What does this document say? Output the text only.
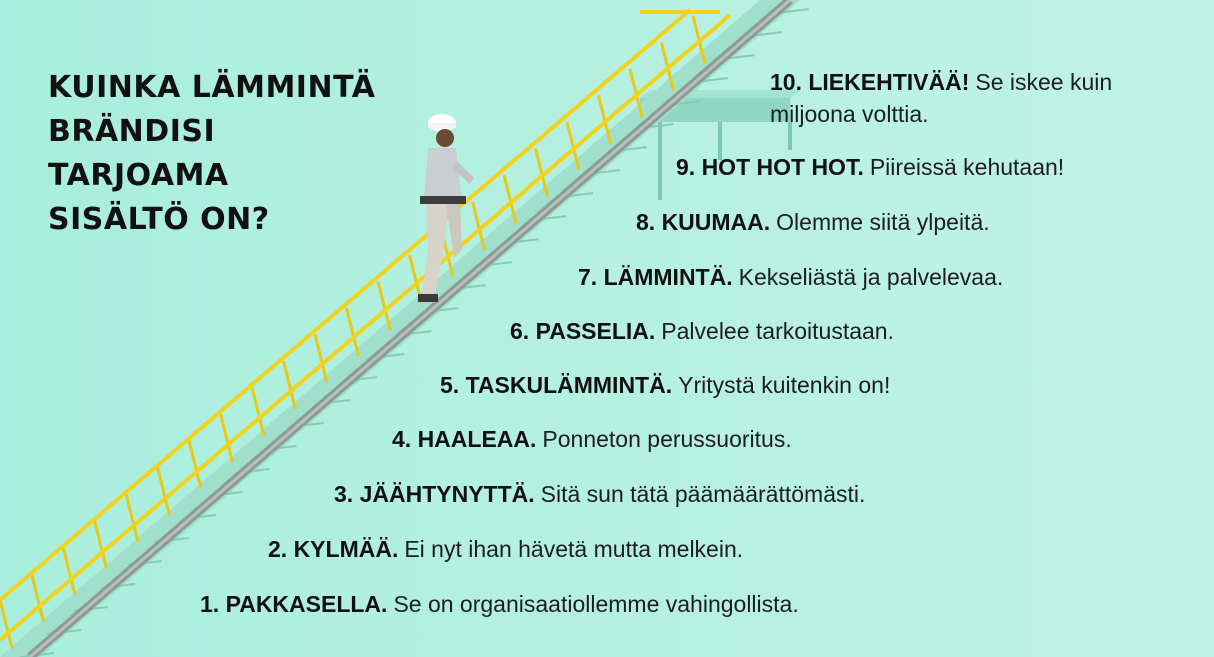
KUINKA LÄMMINTÄ
BRÄNDISI
TARJOAMA
SISÄLTÖ ON?
10. LIEKEHTIVÄÄ! Se iskee kuin
miljoona volttia.
9. HOT HOT HOT. Piireissä kehutaan!
8. KUUMAA. Olemme siitä ylpeitä.
7. LÄMMINTÄ. Kekseliästä ja palvelevaa.
6. PASSELIA. Palvelee tarkoitustaan.
5. TASKULÄMMINTÄ. Yritystä kuitenkin on!
4. HAALEAA. Ponneton perussuoritus.
3. JÄÄHTYNYTTÄ. Sitä sun tätä päämäärättömästi.
2. KYLMÄÄ. Ei nyt ihan hävetä mutta melkein.
1. PAKKASELLA. Se on organisaatiollemme vahingollista.
